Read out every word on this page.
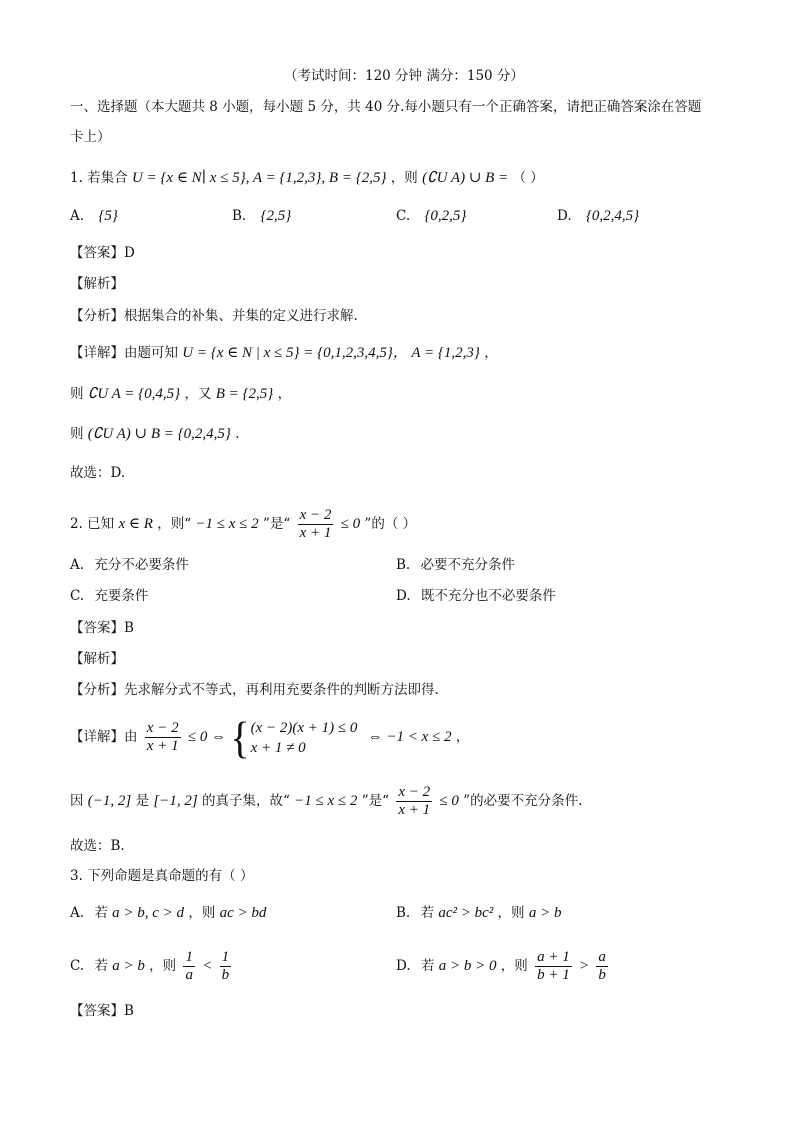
（考试时间：120 分钟 满分：150 分）
一、选择题（本大题共 8 小题，每小题 5 分，共 40 分.每小题只有一个正确答案，请把正确答案涂在答题
卡上）
1. 若集合 U = {x ∈ N∣ x ≤ 5}, A = {1,2,3}, B = {2,5} ，则 (∁U A) ∪ B = （ ）
A. {5}	B. {2,5}	C. {0,2,5}	D. {0,2,4,5}
【答案】D
【解析】
【分析】根据集合的补集、并集的定义进行求解.
【详解】由题可知 U = {x ∈ N | x ≤ 5} = {0,1,2,3,4,5}， A = {1,2,3} ，
则 ∁U A = {0,4,5} ，又 B = {2,5} ，
则 (∁U A) ∪ B = {0,2,4,5} .
故选：D.
2. 已知 x ∈ R ，则“ −1 ≤ x ≤ 2 ”是“ $\frac{x - 2}{x + 1} \le 0$ ”的（ ）
A. 充分不必要条件	B. 必要不充分条件
C. 充要条件	D. 既不充分也不必要条件
【答案】B
【解析】
【分析】先求解分式不等式，再利用充要条件的判断方法即得.
【详解】由 $\frac{x - 2}{x + 1} \le 0$ ⇔ { (x − 2)(x + 1) ≤ 0
x + 1 ≠ 0
⇔ −1 < x ≤ 2 ，
因 (−1, 2] 是 [−1, 2] 的真子集，故“ −1 ≤ x ≤ 2 ”是“ $\frac{x - 2}{x + 1} \le 0$ ”的必要不充分条件.
故选：B.
3. 下列命题是真命题的有（ ）
A. 若 a > b, c > d ，则 ac > bd	B. 若 ac² > bc² ，则 a > b
C. 若 a > b ，则 $\frac{1}{a} < \frac{1}{b}$	D. 若 a > b > 0 ，则 $\frac{a + 1}{b + 1} > \frac{a}{b}$
【答案】B
